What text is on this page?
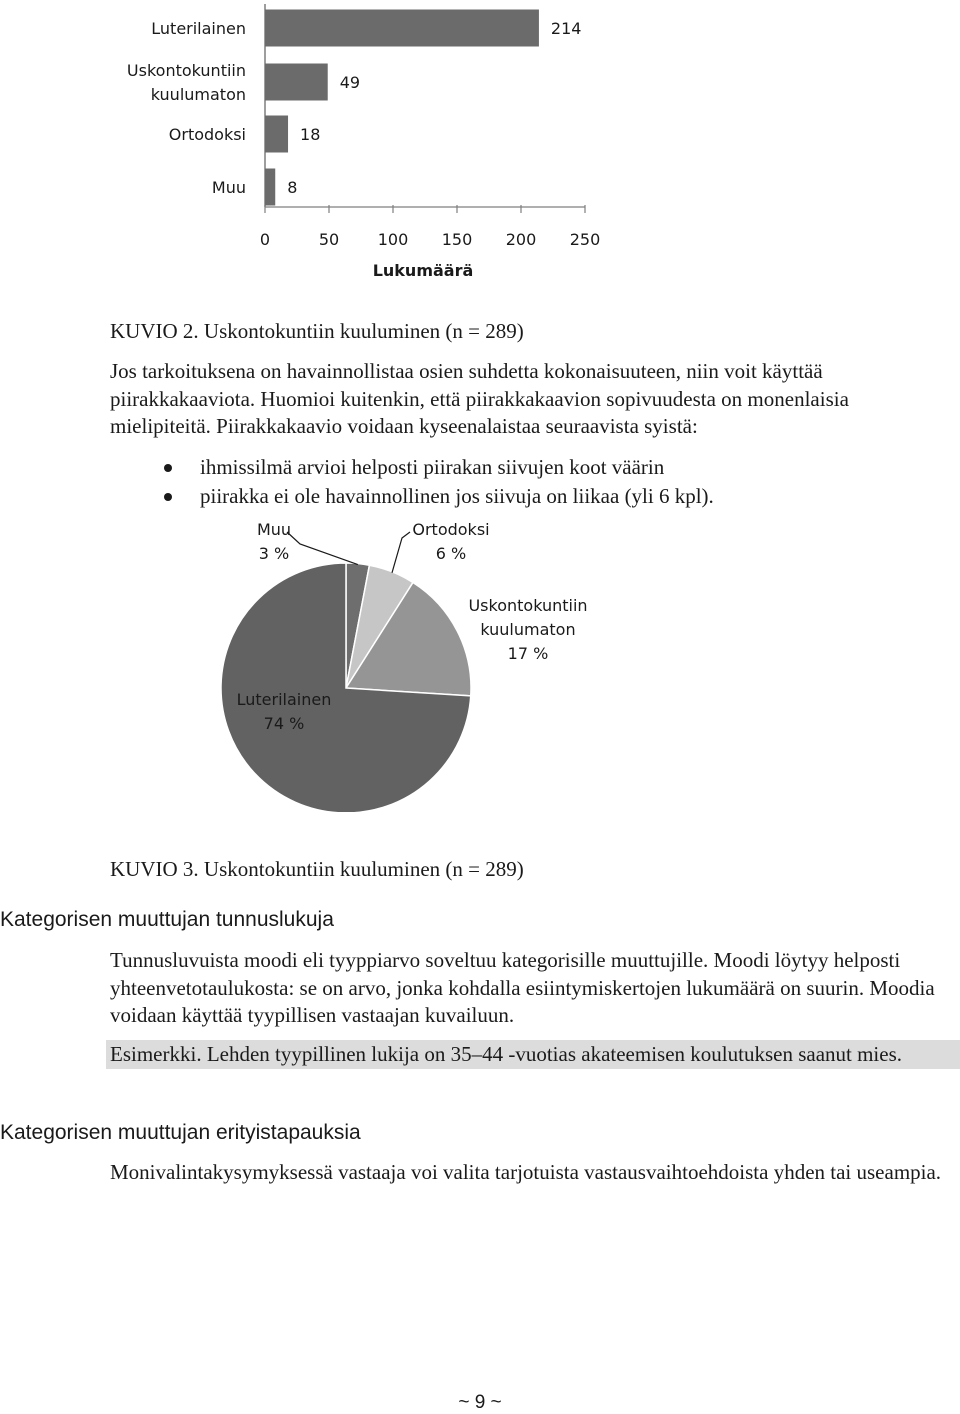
Luterilainen
Uskontokuntiin kuulumaton
Ortodoksi
Muu
214
49
18
8
0	50 100 150 200 250
Lukumäärä
KUVIO 2. Uskontokuntiin kuuluminen (n = 289)

Jos tarkoituksena on havainnollistaa osien suhdetta kokonaisuuteen, niin voit käyttää piirakkakaaviota. Huomioi kuitenkin, että piirakkakaavion sopivuudesta on monenlaisia mielipiteitä. Piirakkakaavio voidaan kyseenalaistaa seuraavista syistä:

ihmissilmä arvioi helposti piirakan siivujen koot väärin
piirakka ei ole havainnollinen jos siivuja on liikaa (yli 6 kpl).
Muu 3 %
Ortodoksi 6 %
Uskontokuntiin kuulumaton 17 %
Luterilainen 74 %
KUVIO 3. Uskontokuntiin kuuluminen (n = 289)
Kategorisen muuttujan tunnuslukuja

Tunnusluvuista moodi eli tyyppiarvo soveltuu kategorisille muuttujille. Moodi löytyy helposti yhteenvetotaulukosta: se on arvo, jonka kohdalla esiintymiskertojen lukumäärä on suurin. Moodia voidaan käyttää tyypillisen vastaajan kuvailuun.

Esimerkki. Lehden tyypillinen lukija on 35–44 -vuotias akateemisen koulutuksen saanut mies.

Kategorisen muuttujan erityistapauksia

Monivalintakysymyksessä vastaaja voi valita tarjotuista vastausvaihtoehdoista yhden tai useampia.

~ 9 ~
